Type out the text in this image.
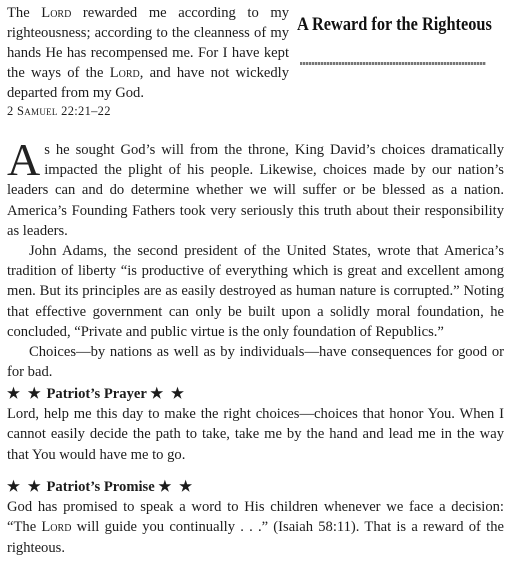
The Lord rewarded me according to my righteousness; according to the cleanness of my hands He has recompensed me. For I have kept the ways of the Lord, and have not wickedly departed from my God.
2 Samuel 22:21–22
A Reward for the Righteous

As he sought God’s will from the throne, King David’s choices dramatically impacted the plight of his people. Likewise, choices made by our nation’s leaders can and do determine whether we will suffer or be blessed as a nation. America’s Founding Fathers took very seriously this truth about their responsibility as leaders.

John Adams, the second president of the United States, wrote that America’s tradition of liberty “is productive of everything which is great and excellent among men. But its principles are as easily destroyed as human nature is corrupted.” Noting that effective government can only be built upon a solidly moral foundation, he concluded, “Private and public virtue is the only foundation of Republics.”

Choices—by nations as well as by individuals—have consequences for good or for bad.

★ ★ Patriot’s Prayer ★ ★

Lord, help me this day to make the right choices—choices that honor You. When I cannot easily decide the path to take, take me by the hand and lead me in the way that You would have me to go.

★ ★ Patriot’s Promise ★ ★

God has promised to speak a word to His children whenever we face a decision: “The Lord will guide you continually . . .” (Isaiah 58:11). That is a reward of the righteous.
